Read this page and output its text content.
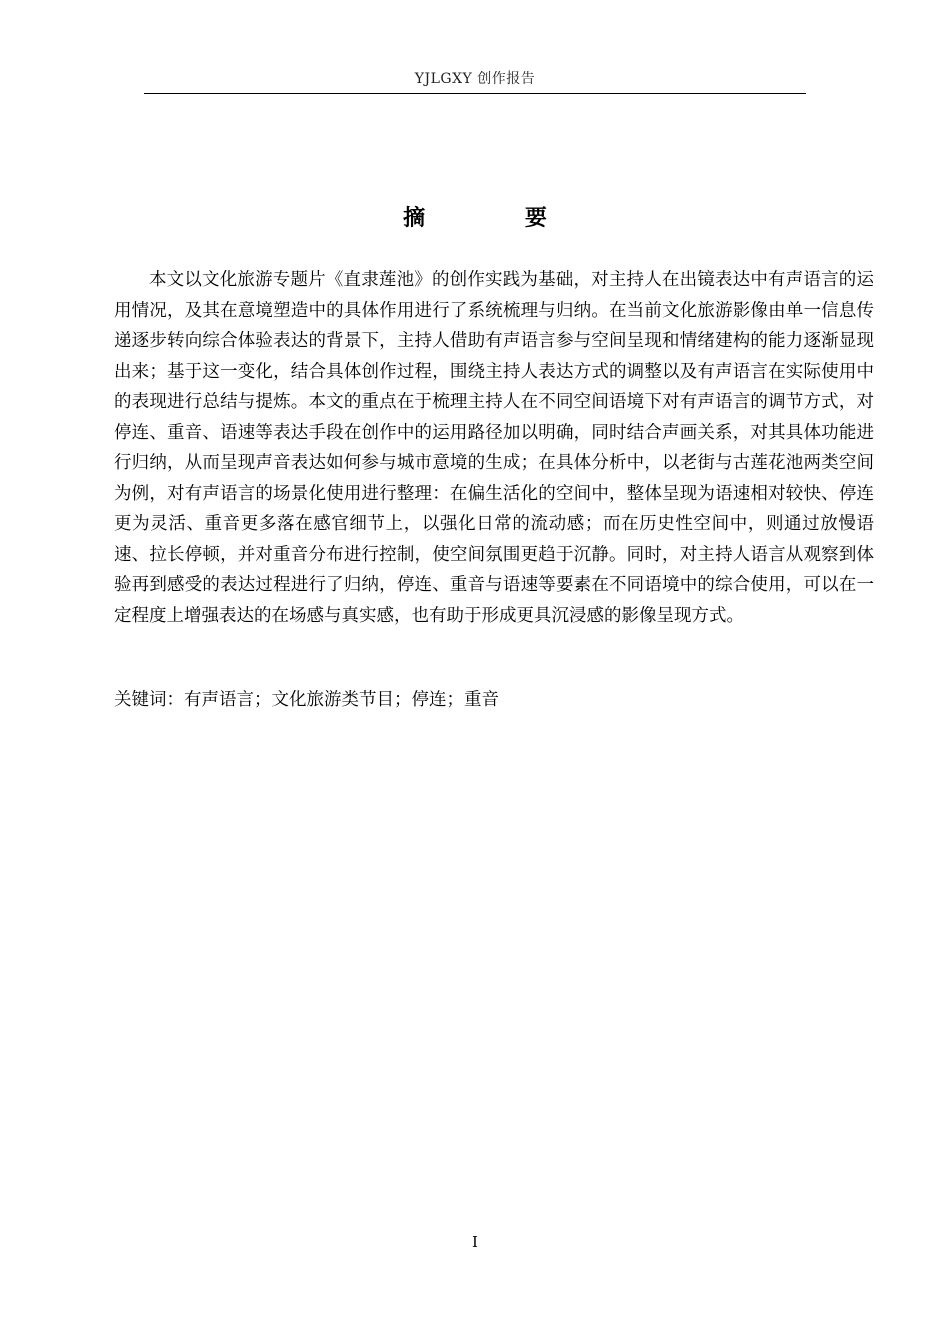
YJLGXY 创作报告
摘 要

本文以文化旅游专题片《直隶莲池》的创作实践为基础，对主持人在出镜表达中有声语言的运用情况，及其在意境塑造中的具体作用进行了系统梳理与归纳。在当前文化旅游影像由单一信息传递逐步转向综合体验表达的背景下，主持人借助有声语言参与空间呈现和情绪建构的能力逐渐显现出来；基于这一变化，结合具体创作过程，围绕主持人表达方式的调整以及有声语言在实际使用中的表现进行总结与提炼。本文的重点在于梳理主持人在不同空间语境下对有声语言的调节方式，对停连、重音、语速等表达手段在创作中的运用路径加以明确，同时结合声画关系，对其具体功能进行归纳，从而呈现声音表达如何参与城市意境的生成；在具体分析中，以老街与古莲花池两类空间为例，对有声语言的场景化使用进行整理：在偏生活化的空间中，整体呈现为语速相对较快、停连更为灵活、重音更多落在感官细节上，以强化日常的流动感；而在历史性空间中，则通过放慢语速、拉长停顿，并对重音分布进行控制，使空间氛围更趋于沉静。同时，对主持人语言从观察到体验再到感受的表达过程进行了归纳，停连、重音与语速等要素在不同语境中的综合使用，可以在一定程度上增强表达的在场感与真实感，也有助于形成更具沉浸感的影像呈现方式。

关键词：有声语言；文化旅游类节目；停连；重音

I
